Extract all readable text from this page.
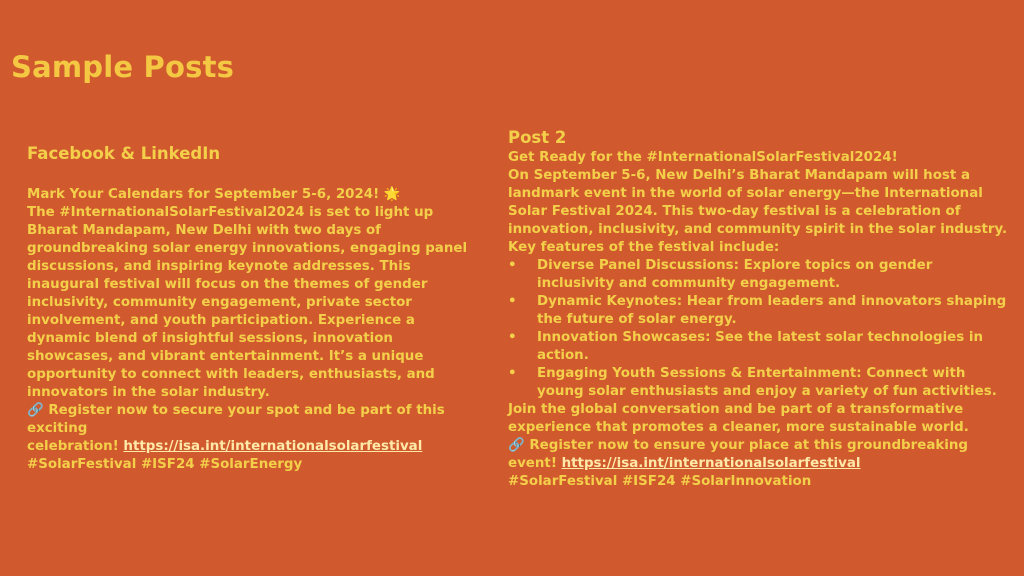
Sample Posts
Facebook & LinkedIn

Mark Your Calendars for September 5-6, 2024! 🌟

The #InternationalSolarFestival2024 is set to light up Bharat Mandapam, New Delhi with two days of groundbreaking solar energy innovations, engaging panel discussions, and inspiring keynote addresses. This inaugural festival will focus on the themes of gender inclusivity, community engagement, private sector involvement, and youth participation. Experience a dynamic blend of insightful sessions, innovation showcases, and vibrant entertainment. It’s a unique opportunity to connect with leaders, enthusiasts, and innovators in the solar industry.

🔗 Register now to secure your spot and be part of this exciting
celebration! https://isa.int/internationalsolarfestival

#SolarFestival #ISF24 #SolarEnergy

Post 2

Get Ready for the #InternationalSolarFestival2024!

On September 5-6, New Delhi’s Bharat Mandapam will host a landmark event in the world of solar energy—the International Solar Festival 2024. This two-day festival is a celebration of innovation, inclusivity, and community spirit in the solar industry.

Key features of the festival include:

• Diverse Panel Discussions: Explore topics on gender inclusivity and community engagement.
• Dynamic Keynotes: Hear from leaders and innovators shaping the future of solar energy.
• Innovation Showcases: See the latest solar technologies in action.
• Engaging Youth Sessions & Entertainment: Connect with young solar enthusiasts and enjoy a variety of fun activities.

Join the global conversation and be part of a transformative experience that promotes a cleaner, more sustainable world.

🔗 Register now to ensure your place at this groundbreaking event! https://isa.int/internationalsolarfestival

#SolarFestival #ISF24 #SolarInnovation
